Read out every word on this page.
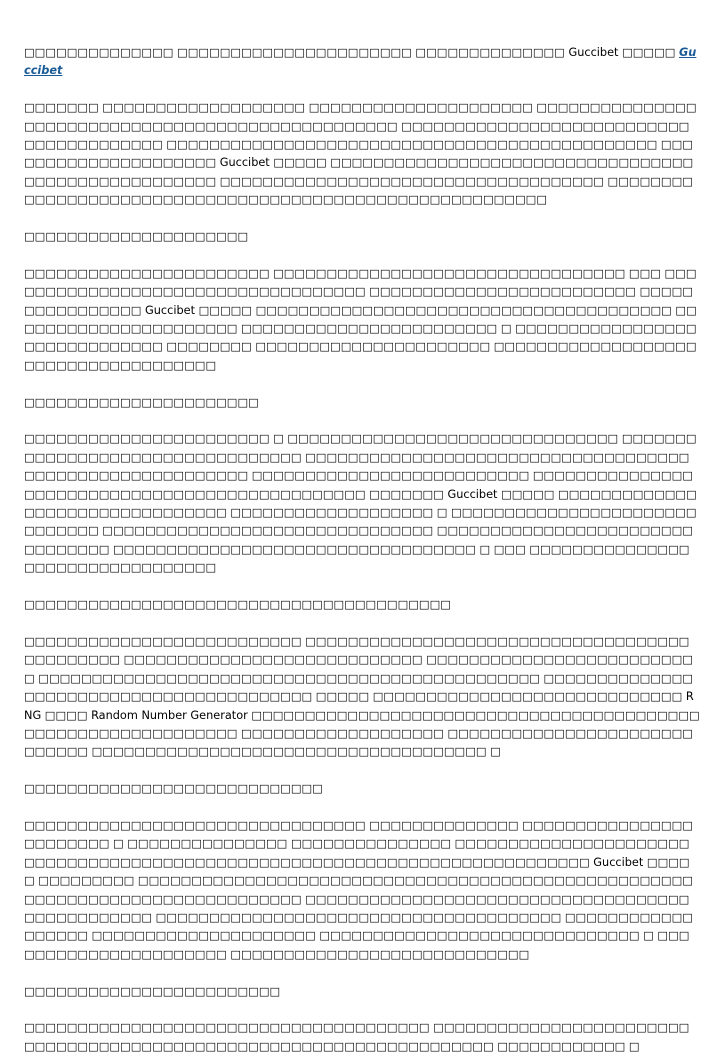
□□□□□□□□□□□□□□ □□□□□□□□□□□□□□□□□□□□□□ □□□□□□□□□□□□□□ Guccibet □□□□□ Guccibet

□□□□□□□ □□□□□□□□□□□□□□□□□□□ □□□□□□□□□□□□□□□□□□□□□ □□□□□□□□□□□□□□□□□□□□□□□□□□□□□□□□□□□□□□□□□□□□□□□□□□ □□□□□□□□□□□□□□□□□□□□□□□□□□□□□□□□□□□□□□□□ □□□□□□□□□□□□□□□□□□□□□□□□□□□□□□□□□□□□□□□□□□□□□□ □□□□□□□□□□□□□□□□□□□□□ Guccibet □□□□□ □□□□□□□□□□□□□□□□□□□□□□□□□□□□□□□□□□□□□□□□□□□□□□□□□□□□ □□□□□□□□□□□□□□□□□□□□□□□□□□□□□□□□□□□□ □□□□□□□□□□□□□□□□□□□□□□□□□□□□□□□□□□□□□□□□□□□□□□□□□□□□□□□□□

□□□□□□□□□□□□□□□□□□□□□

□□□□□□□□□□□□□□□□□□□□□□□ □□□□□□□□□□□□□□□□□□□□□□□□□□□□□□□□□ □□□ □□□□□□□□□□□□□□□□□□□□□□□□□□□□□□□□□□□ □□□□□□□□□□□□□□□□□□□□□□□□□ □□□□□□□□□□□□□□□□ Guccibet □□□□□ □□□□□□□□□□□□□□□□□□□□□□□□□□□□□□□□□□□□□□□ □□□□□□□□□□□□□□□□□□□□□□ □□□□□□□□□□□□□□□□□□□□□□□□ □ □□□□□□□□□□□□□□□□□□□□□□□□□□□□□□ □□□□□□□□ □□□□□□□□□□□□□□□□□□□□□□ □□□□□□□□□□□□□□□□□□□□□□□□□□□□□□□□□□□□□

□□□□□□□□□□□□□□□□□□□□□□

□□□□□□□□□□□□□□□□□□□□□□□ □ □□□□□□□□□□□□□□□□□□□□□□□□□□□□□□□ □□□□□□□□□□□□□□□□□□□□□□□□□□□□□□□□□ □□□□□□□□□□□□□□□□□□□□□□□□□□□□□□□□□□□□□□□□□□□□□□□□□□□□□□□□□ □□□□□□□□□□□□□□□□□□□□□□□□□□ □□□□□□□□□□□□□□□□□□□□□□□□□□□□□□□□□□□□□□□□□□□□□□□ □□□□□□□ Guccibet □□□□□ □□□□□□□□□□□□□□□□□□□□□□□□□□□□□□□□ □□□□□□□□□□□□□□□□□□□ □ □□□□□□□□□□□□□□□□□□□□□□□□□□□□□□ □□□□□□□□□□□□□□□□□□□□□□□□□□□□□□□ □□□□□□□□□□□□□□□□□□□□□□□□□□□□□□□□ □□□□□□□□□□□□□□□□□□□□□□□□□□□□□□□□□□ □ □□□ □□□□□□□□□□□□□□□□□□□□□□□□□□□□□□□□□

□□□□□□□□□□□□□□□□□□□□□□□□□□□□□□□□□□□□□□□□

□□□□□□□□□□□□□□□□□□□□□□□□□□ □□□□□□□□□□□□□□□□□□□□□□□□□□□□□□□□□□□□□□□□□□□□□ □□□□□□□□□□□□□□□□□□□□□□□□□□□□ □□□□□□□□□□□□□□□□□□□□□□□□□□ □□□□□□□□□□□□□□□□□□□□□□□□□□□□□□□□□□□□□□□□□□□□□□□ □□□□□□□□□□□□□□□□□□□□□□□□□□□□□□□□□□□□□□□□□ □□□□□ □□□□□□□□□□□□□□□□□□□□□□□□□□□□□ RNG □□□□ Random Number Generator □□□□□□□□□□□□□□□□□□□□□□□□□□□□□□□□□□□□□□□□□□□□□□□□□□□□□□□□□□□□□□ □□□□□□□□□□□□□□□□□□□ □□□□□□□□□□□□□□□□□□□□□□□□□□□□□ □□□□□□□□□□□□□□□□□□□□□□□□□□□□□□□□□□□□□ □

□□□□□□□□□□□□□□□□□□□□□□□□□□□□

□□□□□□□□□□□□□□□□□□□□□□□□□□□□□□□□ □□□□□□□□□□□□□□ □□□□□□□□□□□□□□□□□□□□□□□□ □ □□□□□□□□□□□□□□□ □□□□□□□□□□□□□□□ □□□□□□□□□□□□□□□□□□□□□□□□□□□□□□□□□□□□□□□□□□□□□□□□□□□□□□□□□□□□□□□□□□□□□□□□□□□ Guccibet □□□□□ □□□□□□□□□ □□□□□□□□□□□□□□□□□□□□□□□□□□□□□□□□□□□□□□□□□□□□□□□□□□□□ □□□□□□□□□□□□□□□□□□□□□□□□□□ □□□□□□□□□□□□□□□□□□□□□□□□□□□□□□□□□□□□□□□□□□□□□□□□ □□□□□□□□□□□□□□□□□□□□□□□□□□□□□□□□□□□□□□ □□□□□□□□□□□□□□□□□□ □□□□□□□□□□□□□□□□□□□□□ □□□□□□□□□□□□□□□□□□□□□□□□□□□□□□ □ □□□□□□□□□□□□□□□□□□□□□□ □□□□□□□□□□□□□□□□□□□□□□□□□□□□

□□□□□□□□□□□□□□□□□□□□□□□□

□□□□□□□□□□□□□□□□□□□□□□□□□□□□□□□□□□□□□□ □□□□□□□□□□□□□□□□□□□□□□□□□□□□□□□□□□□□□□□□□□□□□□□□□□□□□□□□□□□□□□□□□□□□ □□□□□□□□□□□□ □
